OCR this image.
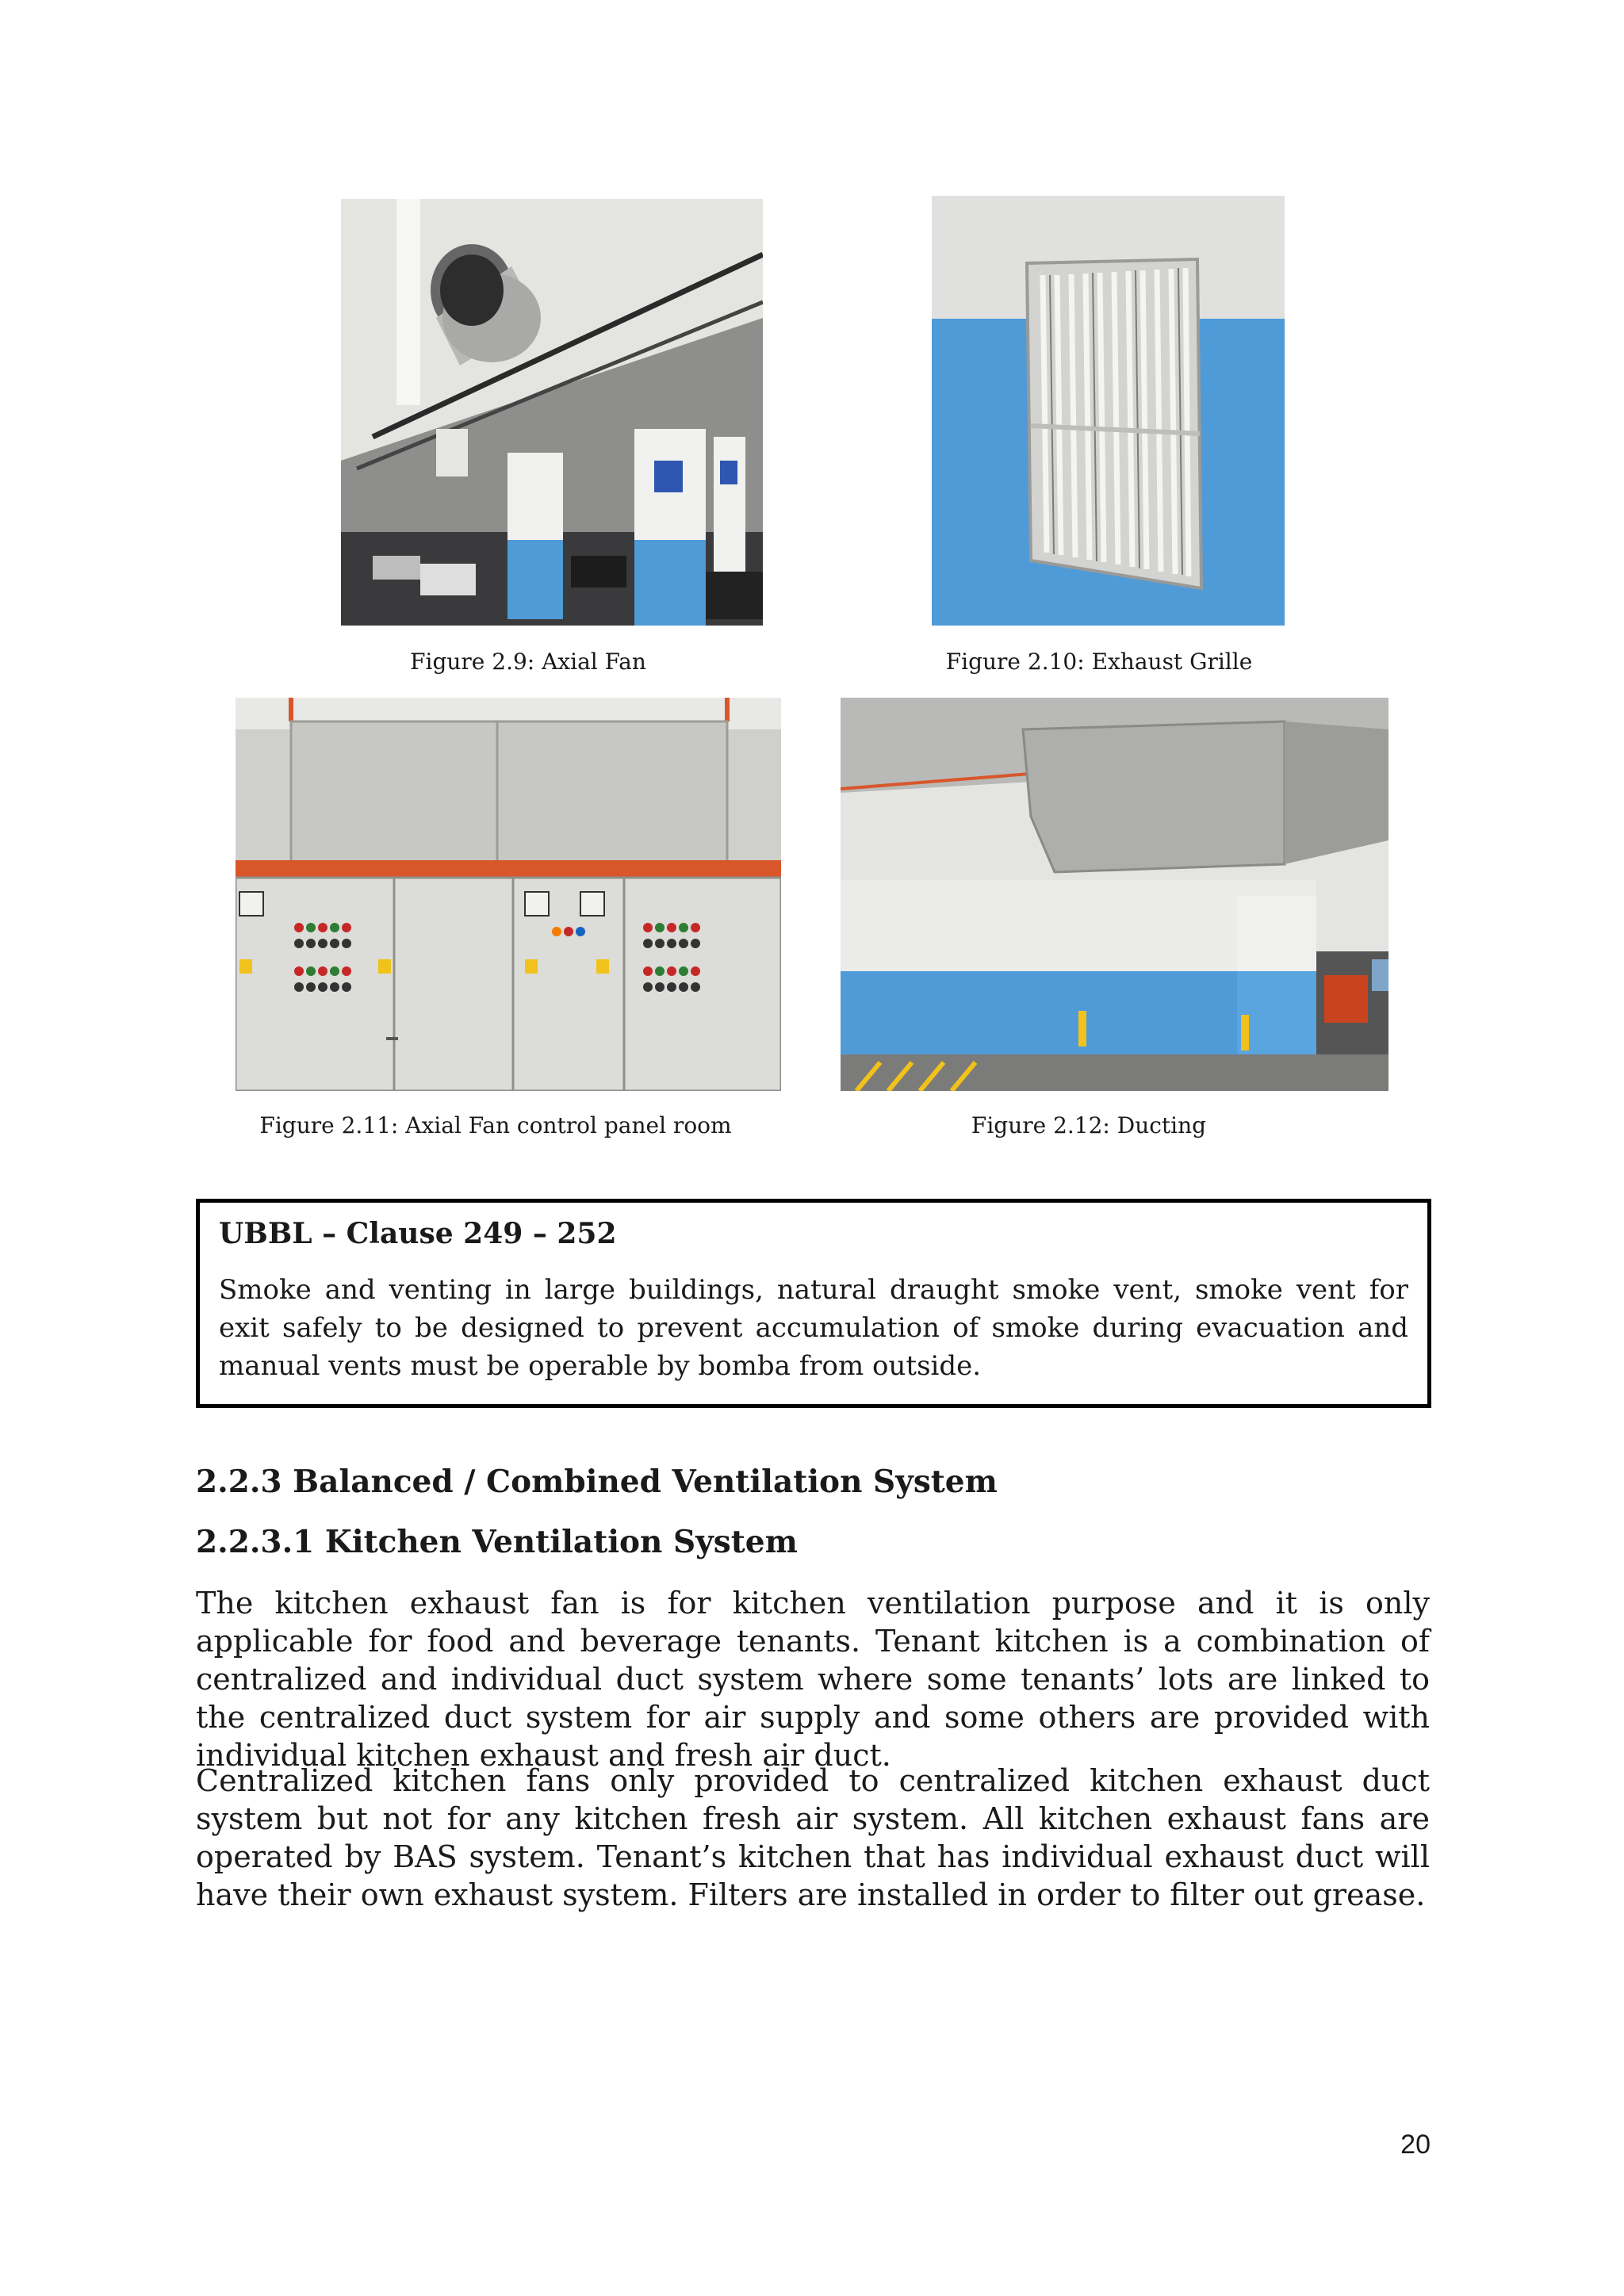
Figure 2.9: Axial Fan	Figure 2.10: Exhaust Grille
Figure 2.11: Axial Fan control panel room	Figure 2.12: Ducting
UBBL – Clause 249 – 252
Smoke and venting in large buildings, natural draught smoke vent, smoke vent for exit safely to be designed to prevent accumulation of smoke during evacuation and manual vents must be operable by bomba from outside.
2.2.3 Balanced / Combined Ventilation System
2.2.3.1 Kitchen Ventilation System
The kitchen exhaust fan is for kitchen ventilation purpose and it is only applicable for food and beverage tenants. Tenant kitchen is a combination of centralized and individual duct system where some tenants’ lots are linked to the centralized duct system for air supply and some others are provided with individual kitchen exhaust and fresh air duct.
Centralized kitchen fans only provided to centralized kitchen exhaust duct system but not for any kitchen fresh air system. All kitchen exhaust fans are operated by BAS system. Tenant’s kitchen that has individual exhaust duct will have their own exhaust system. Filters are installed in order to filter out grease.
20
